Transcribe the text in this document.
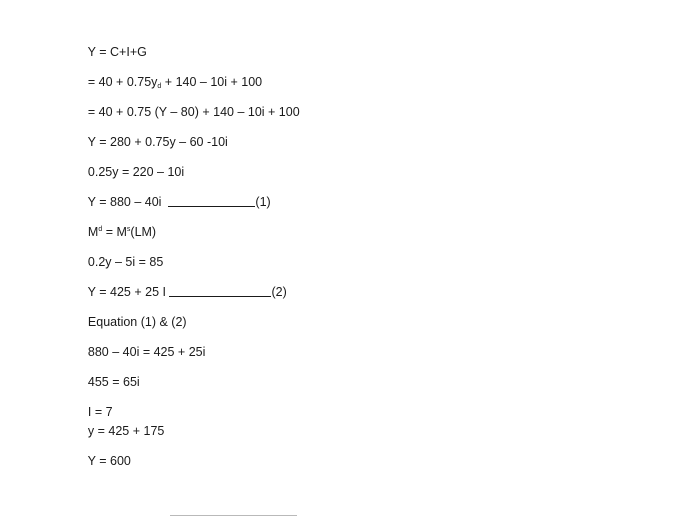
Y = C+I+G

= $40 + 0.75y_d + 140 - 10i + 100$

= 40 + 0.75 (Y – 80) + 140 – 10i + 100

Y = 280 + 0.75y – 60 -10i

0.25y = 220 – 10i

Y = 880 – 40i	(1)

$M^d = M^s(LM)$

0.2y – 5i = 85

Y = 425 + 25 I	(2)

Equation (1) & (2)

880 – 40i = 425 + 25i

455 = 65i

I = 7

y = 425 + 175

Y = 600
